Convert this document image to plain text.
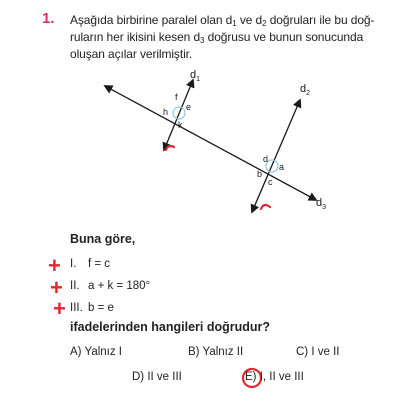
1. Aşağıda birbirine paralel olan $d_1$ ve $d_2$ doğruları ile bu doğ-
ruların her ikisini kesen $d_3$ doğrusu ve bunun sonucunda
oluşan açılar verilmiştir.
$d_1$
$d_2$
$d_3$
f
e
h
k
d
a
b
c
Buna göre,
+
+
+
I. f = c
II. a + k = 180°
III. b = e
ifadelerinden hangileri doğrudur?
A) Yalnız I	B) Yalnız II	C) I ve II
D) II ve III	E) I, II ve III
